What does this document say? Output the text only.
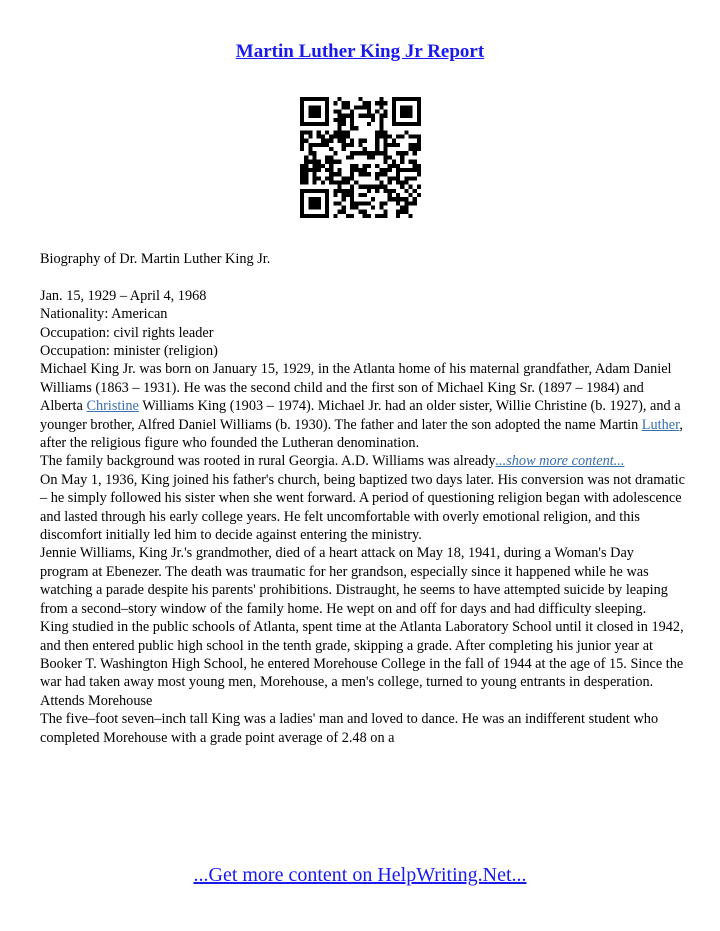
Martin Luther King Jr Report

Biography of Dr. Martin Luther King Jr.

Jan. 15, 1929 – April 4, 1968

Nationality: American

Occupation: civil rights leader

Occupation: minister (religion)

Michael King Jr. was born on January 15, 1929, in the Atlanta home of his maternal grandfather, Adam Daniel Williams (1863 – 1931). He was the second child and the first son of Michael King Sr. (1897 – 1984) and Alberta Christine Williams King (1903 – 1974). Michael Jr. had an older sister, Willie Christine (b. 1927), and a younger brother, Alfred Daniel Williams (b. 1930). The father and later the son adopted the name Martin Luther, after the religious figure who founded the Lutheran denomination.

The family background was rooted in rural Georgia. A.D. Williams was already...show more content...

On May 1, 1936, King joined his father's church, being baptized two days later. His conversion was not dramatic – he simply followed his sister when she went forward. A period of questioning religion began with adolescence and lasted through his early college years. He felt uncomfortable with overly emotional religion, and this discomfort initially led him to decide against entering the ministry.

Jennie Williams, King Jr.'s grandmother, died of a heart attack on May 18, 1941, during a Woman's Day program at Ebenezer. The death was traumatic for her grandson, especially since it happened while he was watching a parade despite his parents' prohibitions. Distraught, he seems to have attempted suicide by leaping from a second–story window of the family home. He wept on and off for days and had difficulty sleeping.

King studied in the public schools of Atlanta, spent time at the Atlanta Laboratory School until it closed in 1942, and then entered public high school in the tenth grade, skipping a grade. After completing his junior year at Booker T. Washington High School, he entered Morehouse College in the fall of 1944 at the age of 15. Since the war had taken away most young men, Morehouse, a men's college, turned to young entrants in desperation.

Attends Morehouse

The five–foot seven–inch tall King was a ladies' man and loved to dance. He was an indifferent student who completed Morehouse with a grade point average of 2.48 on a

...Get more content on HelpWriting.Net...
